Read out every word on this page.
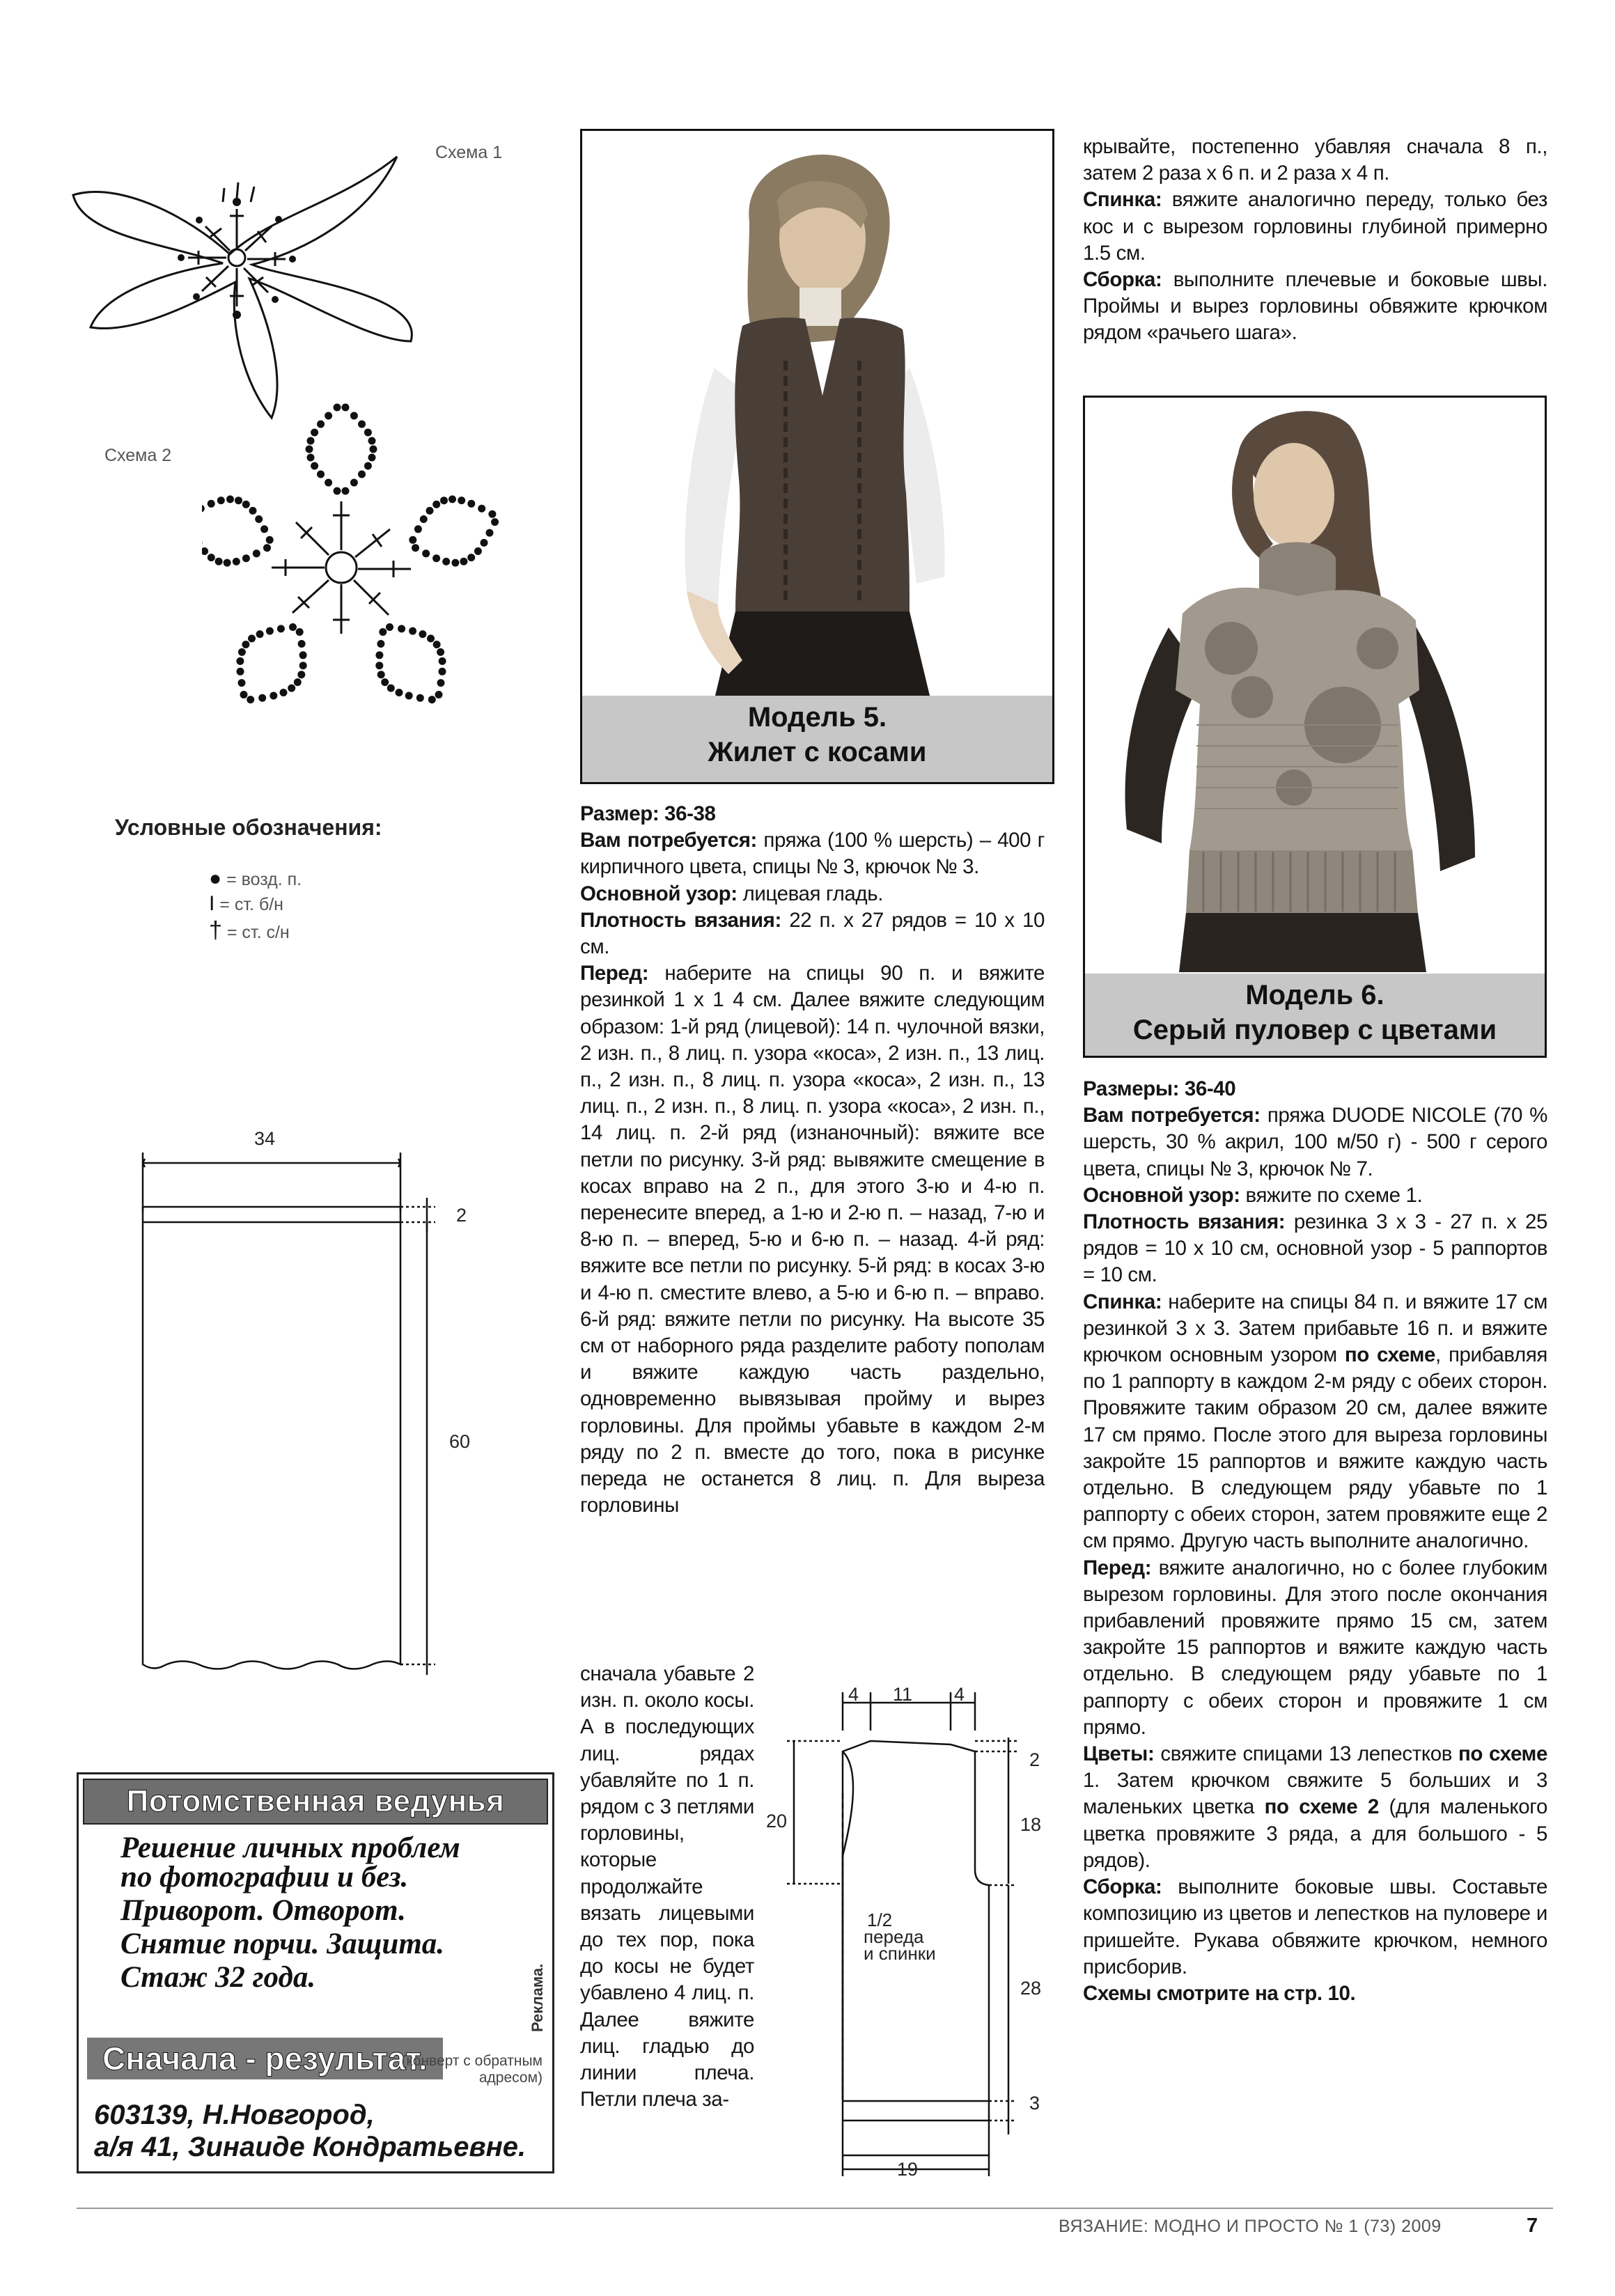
Схема 1
Схема 2
Условные обозначения:
● = возд. п.
I = ст. б/н
† = ст. с/н
34
2
60
Потомственная ведунья
Решение личных проблем
по фотографии и без.
Приворот. Отворот.
Снятие порчи. Защита.
Стаж 32 года.	Реклама.
Сначала - результат.
(конверт с обратным
адресом)
603139, Н.Новгород,
а/я 41, Зинаиде Кондратьевне.
Модель 5.
Жилет с косами

Размер: 36-38

Вам потребуется: пряжа (100 % шерсть) – 400 г кирпичного цвета, спицы № 3, крючок № 3.

Основной узор: лицевая гладь.

Плотность вязания: 22 п. х 27 рядов = 10 х 10 см.

Перед: наберите на спицы 90 п. и вяжите резинкой 1 х 1 4 см. Далее вяжите следующим образом: 1-й ряд (лицевой): 14 п. чулочной вязки, 2 изн. п., 8 лиц. п. узора «коса», 2 изн. п., 13 лиц. п., 2 изн. п., 8 лиц. п. узора «коса», 2 изн. п., 13 лиц. п., 2 изн. п., 8 лиц. п. узора «коса», 2 изн. п., 14 лиц. п. 2-й ряд (изнаночный): вяжите все петли по рисунку. 3-й ряд: вывяжите смещение в косах вправо на 2 п., для этого 3-ю и 4-ю п. перенесите вперед, а 1-ю и 2-ю п. – назад, 7-ю и 8-ю п. – вперед, 5-ю и 6-ю п. – назад. 4-й ряд: вяжите все петли по рисунку. 5-й ряд: в косах 3-ю и 4-ю п. сместите влево, а 5-ю и 6-ю п. – вправо. 6-й ряд: вяжите петли по рисунку. На высоте 35 см от наборного ряда разделите работу пополам и вяжите каждую часть раздельно, одновременно вывязывая пройму и вырез горловины. Для проймы убавьте в каждом 2-м ряду по 2 п. вместе до того, пока в рисунке переда не останется 8 лиц. п. Для выреза горловины

сначала убавьте 2 изн. п. около косы. А в последующих лиц. рядах убавляйте по 1 п. рядом с 3 петлями горловины, которые продолжайте вязать лицевыми до тех пор, пока до косы не будет убавлено 4 лиц. п. Далее вяжите лиц. гладью до линии плеча. Петли плеча за-

4 11 4
2
20	18
1/2
переда
и спинки
28
3
19

крывайте, постепенно убавляя сначала 8 п., затем 2 раза х 6 п. и 2 раза х 4 п.

Спинка: вяжите аналогично переду, только без кос и с вырезом горловины глубиной примерно 1.5 см.

Сборка: выполните плечевые и боковые швы. Проймы и вырез горловины обвяжите крючком рядом «рачьего шага».

Модель 6.
Серый пуловер с цветами

Размеры: 36-40

Вам потребуется: пряжа DUODE NICOLE (70 % шерсть, 30 % акрил, 100 м/50 г) - 500 г серого цвета, спицы № 3, крючок № 7.

Основной узор: вяжите по схеме 1.

Плотность вязания: резинка 3 х 3 - 27 п. х 25 рядов = 10 х 10 см, основной узор - 5 раппортов = 10 см.

Спинка: наберите на спицы 84 п. и вяжите 17 см резинкой 3 х 3. Затем прибавьте 16 п. и вяжите крючком основным узором по схеме, прибавляя по 1 раппорту в каждом 2-м ряду с обеих сторон. Провяжите таким образом 20 см, далее вяжите 17 см прямо. После этого для выреза горловины закройте 15 раппортов и вяжите каждую часть отдельно. В следующем ряду убавьте по 1 раппорту с обеих сторон, затем провяжите еще 2 см прямо. Другую часть выполните аналогично.

Перед: вяжите аналогично, но с более глубоким вырезом горловины. Для этого после окончания прибавлений провяжите прямо 15 см, затем закройте 15 раппортов и вяжите каждую часть отдельно. В следующем ряду убавьте по 1 раппорту с обеих сторон и провяжите 1 см прямо.

Цветы: свяжите спицами 13 лепестков по схеме 1. Затем крючком свяжите 5 больших и 3 маленьких цветка по схеме 2 (для маленького цветка провяжите 3 ряда, а для большого - 5 рядов).

Сборка: выполните боковые швы. Составьте композицию из цветов и лепестков на пуловере и пришейте. Рукава обвяжите крючком, немного присборив.

Схемы смотрите на стр. 10.

ВЯЗАНИЕ: МОДНО И ПРОСТО № 1 (73) 2009	7
